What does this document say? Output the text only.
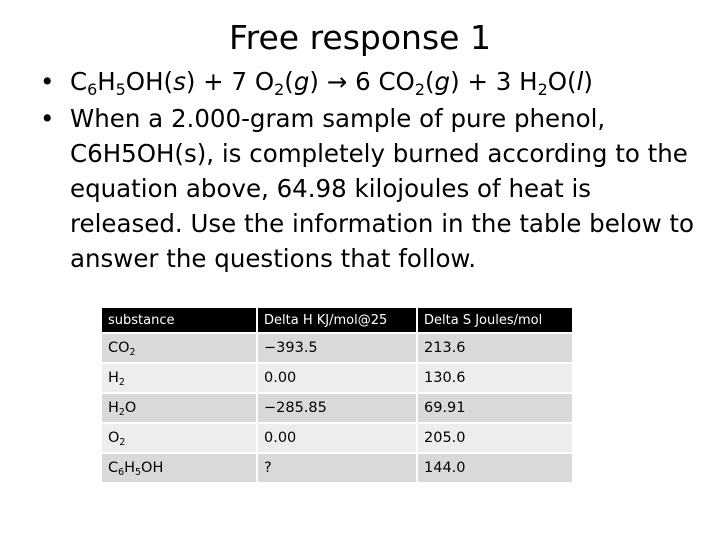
Free response 1
• $C_6H_5OH(s) + 7$ $O_2(g) \to 6$ $CO_2(g) + 3$ $H_2O(l)$
• When a 2.000-gram sample of pure phenol, C6H5OH(s), is completely burned according to the equation above, 64.98 kilojoules of heat is released. Use the information in the table below to answer the questions that follow.
substance	Delta H KJ/mol@25	Delta S Joules/mol
$CO_2$	−393.5	213.6
$H_2$	0.00	130.6
$H_2O$	−285.85	69.91
$O_2$	0.00	205.0
$C_6H_5OH$	?	144.0
